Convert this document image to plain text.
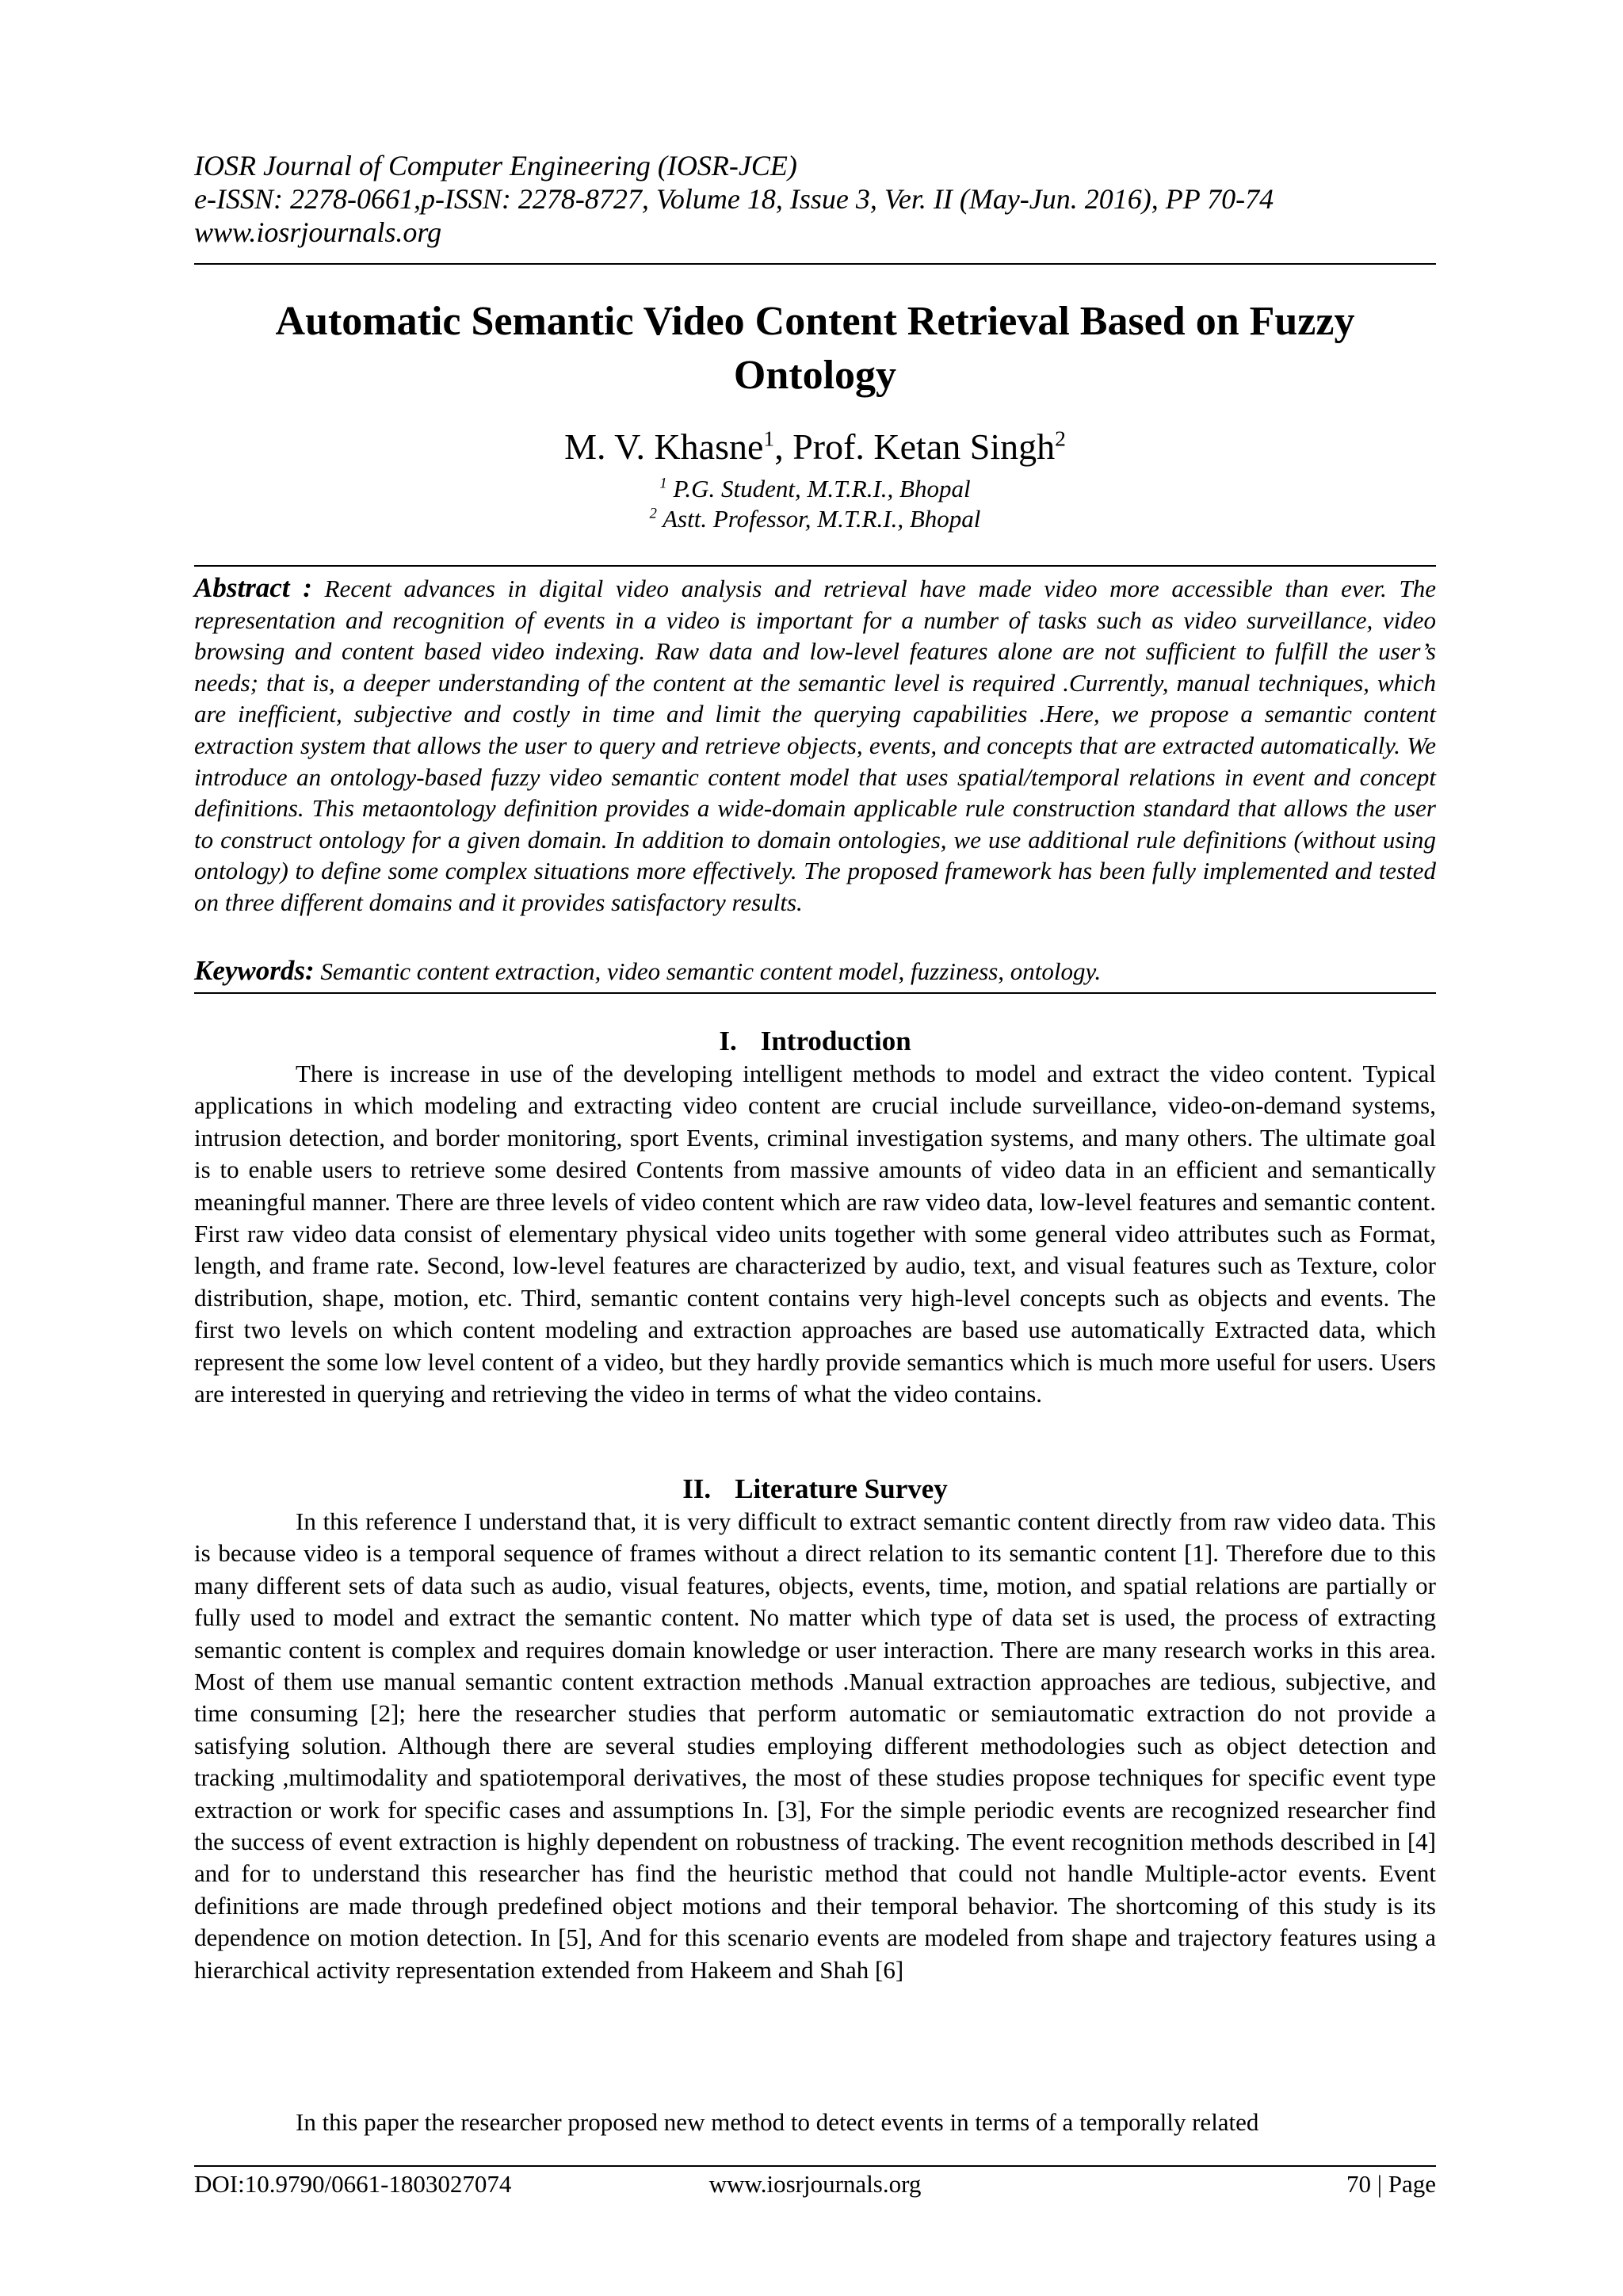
IOSR Journal of Computer Engineering (IOSR-JCE)
e-ISSN: 2278-0661,p-ISSN: 2278-8727, Volume 18, Issue 3, Ver. II (May-Jun. 2016), PP 70-74
www.iosrjournals.org
Automatic Semantic Video Content Retrieval Based on Fuzzy Ontology
M. V. Khasne$^1$, Prof. Ketan Singh$^2$
$^1$ P.G. Student, M.T.R.I., Bhopal
$^2$ Astt. Professor, M.T.R.I., Bhopal
Abstract : Recent advances in digital video analysis and retrieval have made video more accessible than ever. The representation and recognition of events in a video is important for a number of tasks such as video surveillance, video browsing and content based video indexing. Raw data and low-level features alone are not sufficient to fulfill the user’s needs; that is, a deeper understanding of the content at the semantic level is required .Currently, manual techniques, which are inefficient, subjective and costly in time and limit the querying capabilities .Here, we propose a semantic content extraction system that allows the user to query and retrieve objects, events, and concepts that are extracted automatically. We introduce an ontology-based fuzzy video semantic content model that uses spatial/temporal relations in event and concept definitions. This metaontology definition provides a wide-domain applicable rule construction standard that allows the user to construct ontology for a given domain. In addition to domain ontologies, we use additional rule definitions (without using ontology) to define some complex situations more effectively. The proposed framework has been fully implemented and tested on three different domains and it provides satisfactory results.
Keywords: Semantic content extraction, video semantic content model, fuzziness, ontology.
I. Introduction
There is increase in use of the developing intelligent methods to model and extract the video content. Typical applications in which modeling and extracting video content are crucial include surveillance, video-on-demand systems, intrusion detection, and border monitoring, sport Events, criminal investigation systems, and many others. The ultimate goal is to enable users to retrieve some desired Contents from massive amounts of video data in an efficient and semantically meaningful manner. There are three levels of video content which are raw video data, low-level features and semantic content. First raw video data consist of elementary physical video units together with some general video attributes such as Format, length, and frame rate. Second, low-level features are characterized by audio, text, and visual features such as Texture, color distribution, shape, motion, etc. Third, semantic content contains very high-level concepts such as objects and events. The first two levels on which content modeling and extraction approaches are based use automatically Extracted data, which represent the some low level content of a video, but they hardly provide semantics which is much more useful for users. Users are interested in querying and retrieving the video in terms of what the video contains.
II. Literature Survey
In this reference I understand that, it is very difficult to extract semantic content directly from raw video data. This is because video is a temporal sequence of frames without a direct relation to its semantic content [1]. Therefore due to this many different sets of data such as audio, visual features, objects, events, time, motion, and spatial relations are partially or fully used to model and extract the semantic content. No matter which type of data set is used, the process of extracting semantic content is complex and requires domain knowledge or user interaction. There are many research works in this area. Most of them use manual semantic content extraction methods .Manual extraction approaches are tedious, subjective, and time consuming [2]; here the researcher studies that perform automatic or semiautomatic extraction do not provide a satisfying solution. Although there are several studies employing different methodologies such as object detection and tracking ,multimodality and spatiotemporal derivatives, the most of these studies propose techniques for specific event type extraction or work for specific cases and assumptions In. [3], For the simple periodic events are recognized researcher find the success of event extraction is highly dependent on robustness of tracking. The event recognition methods described in [4] and for to understand this researcher has find the heuristic method that could not handle Multiple-actor events. Event definitions are made through predefined object motions and their temporal behavior. The shortcoming of this study is its dependence on motion detection. In [5], And for this scenario events are modeled from shape and trajectory features using a hierarchical activity representation extended from Hakeem and Shah [6]
In this paper the researcher proposed new method to detect events in terms of a temporally related
DOI:10.9790/0661-1803027074	www.iosrjournals.org	70 | Page
